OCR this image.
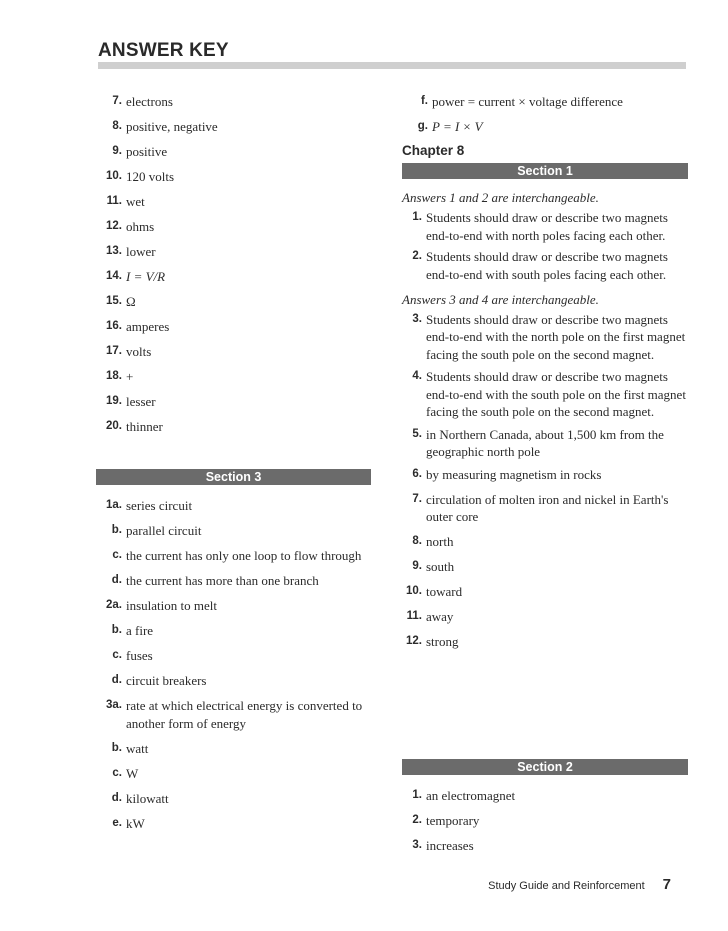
ANSWER KEY
7. electrons
8. positive, negative
9. positive
10. 120 volts
11. wet
12. ohms
13. lower
14. I = V/R
15. Ω
16. amperes
17. volts
18. +
19. lesser
20. thinner
Section 3
1a. series circuit
b. parallel circuit
c. the current has only one loop to flow through
d. the current has more than one branch
2a. insulation to melt
b. a fire
c. fuses
d. circuit breakers
3a. rate at which electrical energy is converted to another form of energy
b. watt
c. W
d. kilowatt
e. kW
f. power = current × voltage difference
g. P = I × V
Chapter 8
Section 1
Answers 1 and 2 are interchangeable.
1. Students should draw or describe two magnets end-to-end with north poles facing each other.
2. Students should draw or describe two magnets end-to-end with south poles facing each other.
Answers 3 and 4 are interchangeable.
3. Students should draw or describe two magnets end-to-end with the north pole on the first magnet facing the south pole on the second magnet.
4. Students should draw or describe two magnets end-to-end with the south pole on the first magnet facing the south pole on the second magnet.
5. in Northern Canada, about 1,500 km from the geographic north pole
6. by measuring magnetism in rocks
7. circulation of molten iron and nickel in Earth's outer core
8. north
9. south
10. toward
11. away
12. strong
Section 2
1. an electromagnet
2. temporary
3. increases
Study Guide and Reinforcement 7
